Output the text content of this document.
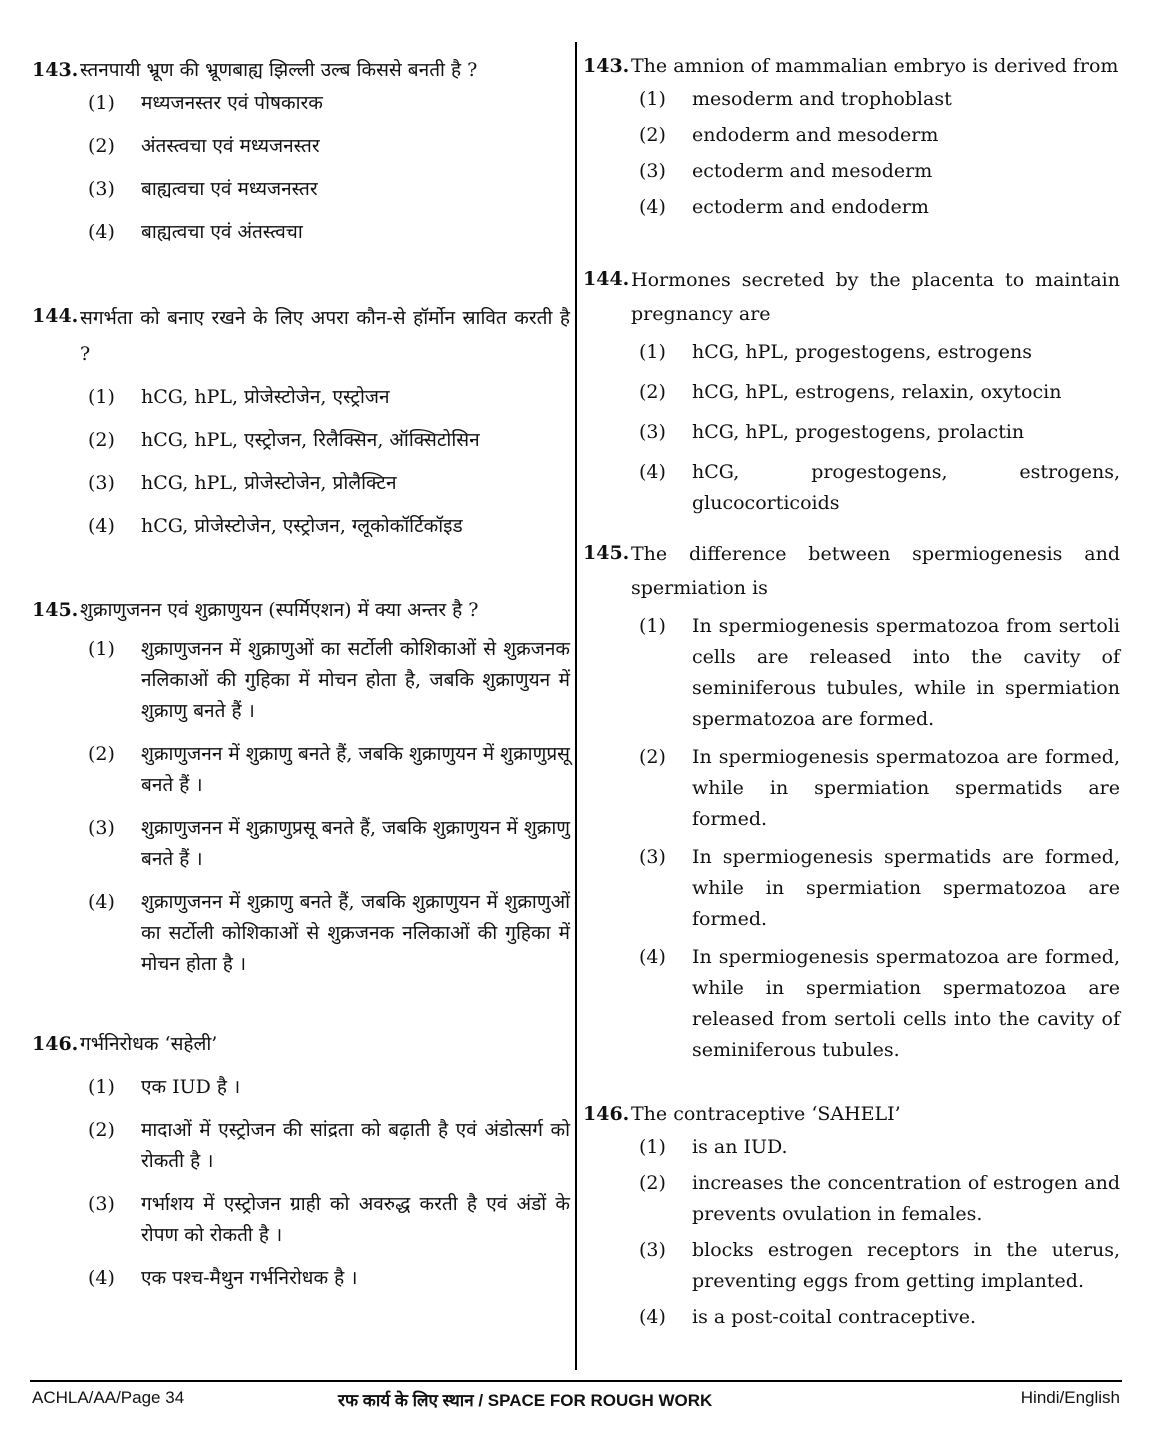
143. स्तनपायी भ्रूण की भ्रूणबाह्य झिल्ली उल्ब किससे बनती है ?
(1)	मध्यजनस्तर एवं पोषकारक
(2)	अंतस्त्वचा एवं मध्यजनस्तर
(3)	बाह्यत्वचा एवं मध्यजनस्तर
(4)	बाह्यत्वचा एवं अंतस्त्वचा
144. सगर्भता को बनाए रखने के लिए अपरा कौन-से हॉर्मोन स्रावित करती है ?
(1)	hCG, hPL, प्रोजेस्टोजेन, एस्ट्रोजन
(2)	hCG, hPL, एस्ट्रोजन, रिलैक्सिन, ऑक्सिटोसिन
(3)	hCG, hPL, प्रोजेस्टोजेन, प्रोलैक्टिन
(4)	hCG, प्रोजेस्टोजेन, एस्ट्रोजन, ग्लूकोकॉर्टिकॉइड
145. शुक्राणुजनन एवं शुक्राणुयन (स्पर्मिएशन) में क्या अन्तर है ?
(1)	शुक्राणुजनन में शुक्राणुओं का सर्टोली कोशिकाओं से शुक्रजनक नलिकाओं की गुहिका में मोचन होता है, जबकि शुक्राणुयन में शुक्राणु बनते हैं ।
(2)	शुक्राणुजनन में शुक्राणु बनते हैं, जबकि शुक्राणुयन में शुक्राणुप्रसू बनते हैं ।
(3)	शुक्राणुजनन में शुक्राणुप्रसू बनते हैं, जबकि शुक्राणुयन में शुक्राणु बनते हैं ।
(4)	शुक्राणुजनन में शुक्राणु बनते हैं, जबकि शुक्राणुयन में शुक्राणुओं का सर्टोली कोशिकाओं से शुक्रजनक नलिकाओं की गुहिका में मोचन होता है ।
146. गर्भनिरोधक ‘सहेली’
(1)	एक IUD है ।
(2)	मादाओं में एस्ट्रोजन की सांद्रता को बढ़ाती है एवं अंडोत्सर्ग को रोकती है ।
(3)	गर्भाशय में एस्ट्रोजन ग्राही को अवरुद्ध करती है एवं अंडों के रोपण को रोकती है ।
(4)	एक पश्च-मैथुन गर्भनिरोधक है ।
143. The amnion of mammalian embryo is derived from
(1)	mesoderm and trophoblast
(2)	endoderm and mesoderm
(3)	ectoderm and mesoderm
(4)	ectoderm and endoderm
144. Hormones secreted by the placenta to maintain pregnancy are
(1)	hCG, hPL, progestogens, estrogens
(2)	hCG, hPL, estrogens, relaxin, oxytocin
(3)	hCG, hPL, progestogens, prolactin
(4)	hCG, progestogens, estrogens, glucocorticoids
145. The difference between spermiogenesis and spermiation is
(1)	In spermiogenesis spermatozoa from sertoli cells are released into the cavity of seminiferous tubules, while in spermiation spermatozoa are formed.
(2)	In spermiogenesis spermatozoa are formed, while in spermiation spermatids are formed.
(3)	In spermiogenesis spermatids are formed, while in spermiation spermatozoa are formed.
(4)	In spermiogenesis spermatozoa are formed, while in spermiation spermatozoa are released from sertoli cells into the cavity of seminiferous tubules.
146. The contraceptive ‘SAHELI’
(1)	is an IUD.
(2)	increases the concentration of estrogen and prevents ovulation in females.
(3)	blocks estrogen receptors in the uterus, preventing eggs from getting implanted.
(4)	is a post-coital contraceptive.
ACHLA/AA/Page 34	रफ कार्य के लिए स्थान / SPACE FOR ROUGH WORK	Hindi/English
